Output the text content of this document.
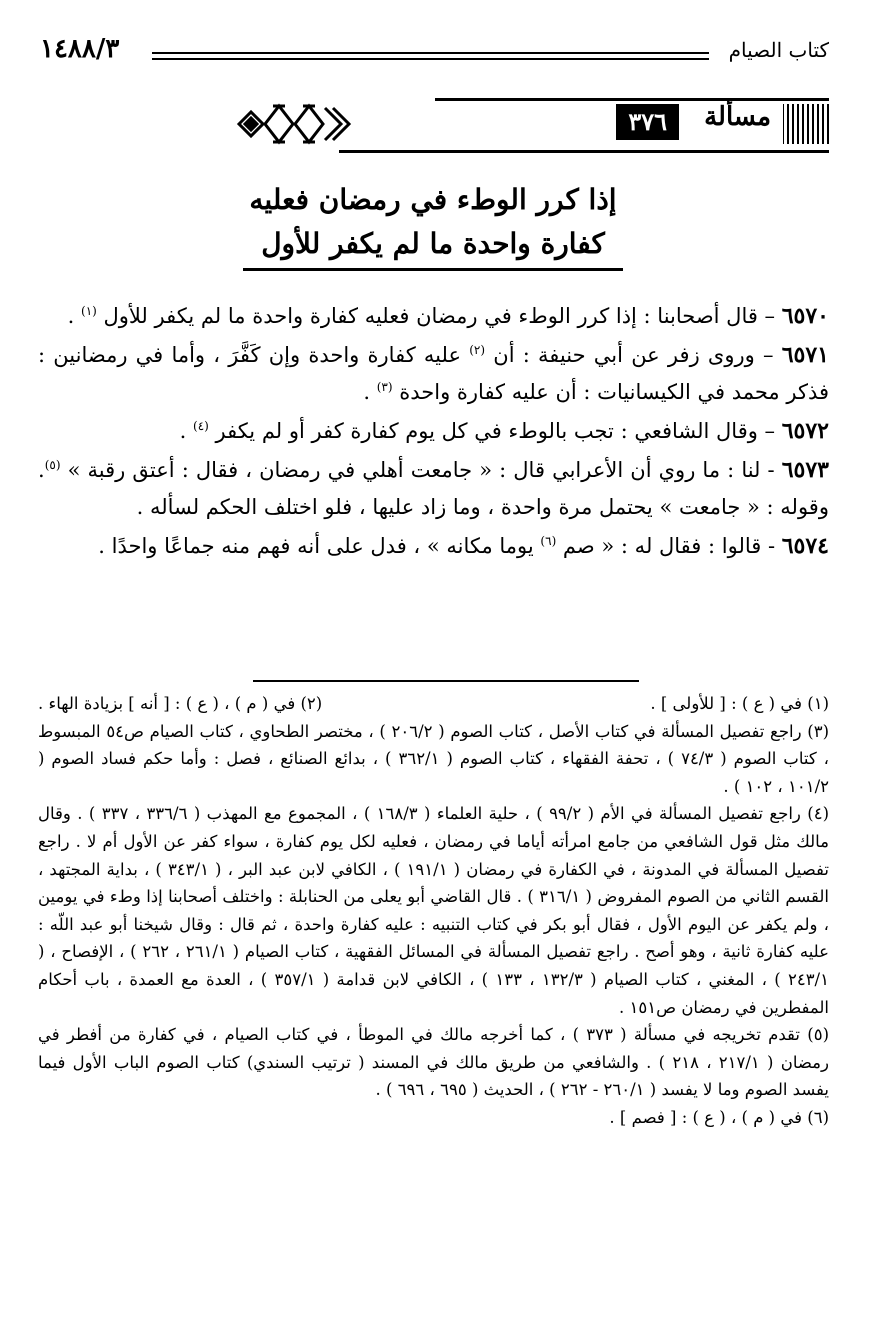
كتاب الصيام
١٤٨٨/٣
مسألة
٣٧٦
إذا كرر الوطء في رمضان فعليه
كفارة واحدة ما لم يكفر للأول

٦٥٧٠ – قال أصحابنا : إذا كرر الوطء في رمضان فعليه كفارة واحدة ما لم يكفر للأول $^{(١)}$ .

٦٥٧١ – وروى زفر عن أبي حنيفة : أن $^{(٢)}$ عليه كفارة واحدة وإن كَفَّرَ ، وأما في رمضانين : فذكر محمد في الكيسانيات : أن عليه كفارة واحدة $^{(٣)}$ .

٦٥٧٢ – وقال الشافعي : تجب بالوطء في كل يوم كفارة كفر أو لم يكفر $^{(٤)}$ .

٦٥٧٣ - لنا : ما روي أن الأعرابي قال : « جامعت أهلي في رمضان ، فقال : أعتق رقبة » $^{(٥)}$. وقوله : « جامعت » يحتمل مرة واحدة ، وما زاد عليها ، فلو اختلف الحكم لسأله .

٦٥٧٤ - قالوا : فقال له : « صم $^{(٦)}$ يوما مكانه » ، فدل على أنه فهم منه جماعًا واحدًا .

(١) في ( ع ) : [ للأولى ] .
(٢) في ( م ) ، ( ع ) : [ أنه ] بزيادة الهاء .

(٣) راجع تفصيل المسألة في كتاب الأصل ، كتاب الصوم ( ٢٠٦/٢ ) ، مختصر الطحاوي ، كتاب الصيام ص٥٤ المبسوط ، كتاب الصوم ( ٧٤/٣ ) ، تحفة الفقهاء ، كتاب الصوم ( ٣٦٢/١ ) ، بدائع الصنائع ، فصل : وأما حكم فساد الصوم ( ١٠١/٢ ، ١٠٢ ) .

(٤) راجع تفصيل المسألة في الأم ( ٩٩/٢ ) ، حلية العلماء ( ١٦٨/٣ ) ، المجموع مع المهذب ( ٣٣٦/٦ ، ٣٣٧ ) . وقال مالك مثل قول الشافعي من جامع امرأته أياما في رمضان ، فعليه لكل يوم كفارة ، سواء كفر عن الأول أم لا . راجع تفصيل المسألة في المدونة ، في الكفارة في رمضان ( ١٩١/١ ) ، الكافي لابن عبد البر ، ( ٣٤٣/١ ) ، بداية المجتهد ، القسم الثاني من الصوم المفروض ( ٣١٦/١ ) . قال القاضي أبو يعلى من الحنابلة : واختلف أصحابنا إذا وطء في يومين ، ولم يكفر عن اليوم الأول ، فقال أبو بكر في كتاب التنبيه : عليه كفارة واحدة ، ثم قال : وقال شيخنا أبو عبد اللّه : عليه كفارة ثانية ، وهو أصح . راجع تفصيل المسألة في المسائل الفقهية ، كتاب الصيام ( ٢٦١/١ ، ٢٦٢ ) ، الإفصاح ، ( ٢٤٣/١ ) ، المغني ، كتاب الصيام ( ١٣٢/٣ ، ١٣٣ ) ، الكافي لابن قدامة ( ٣٥٧/١ ) ، العدة مع العمدة ، باب أحكام المفطرين في رمضان ص١٥١ .

(٥) تقدم تخريجه في مسألة ( ٣٧٣ ) ، كما أخرجه مالك في الموطأ ، في كتاب الصيام ، في كفارة من أفطر في رمضان ( ٢١٧/١ ، ٢١٨ ) . والشافعي من طريق مالك في المسند ( ترتيب السندي) كتاب الصوم الباب الأول فيما يفسد الصوم وما لا يفسد ( ٢٦٠/١ - ٢٦٢ ) ، الحديث ( ٦٩٥ ، ٦٩٦ ) .

(٦) في ( م ) ، ( ع ) : [ فصم ] .
